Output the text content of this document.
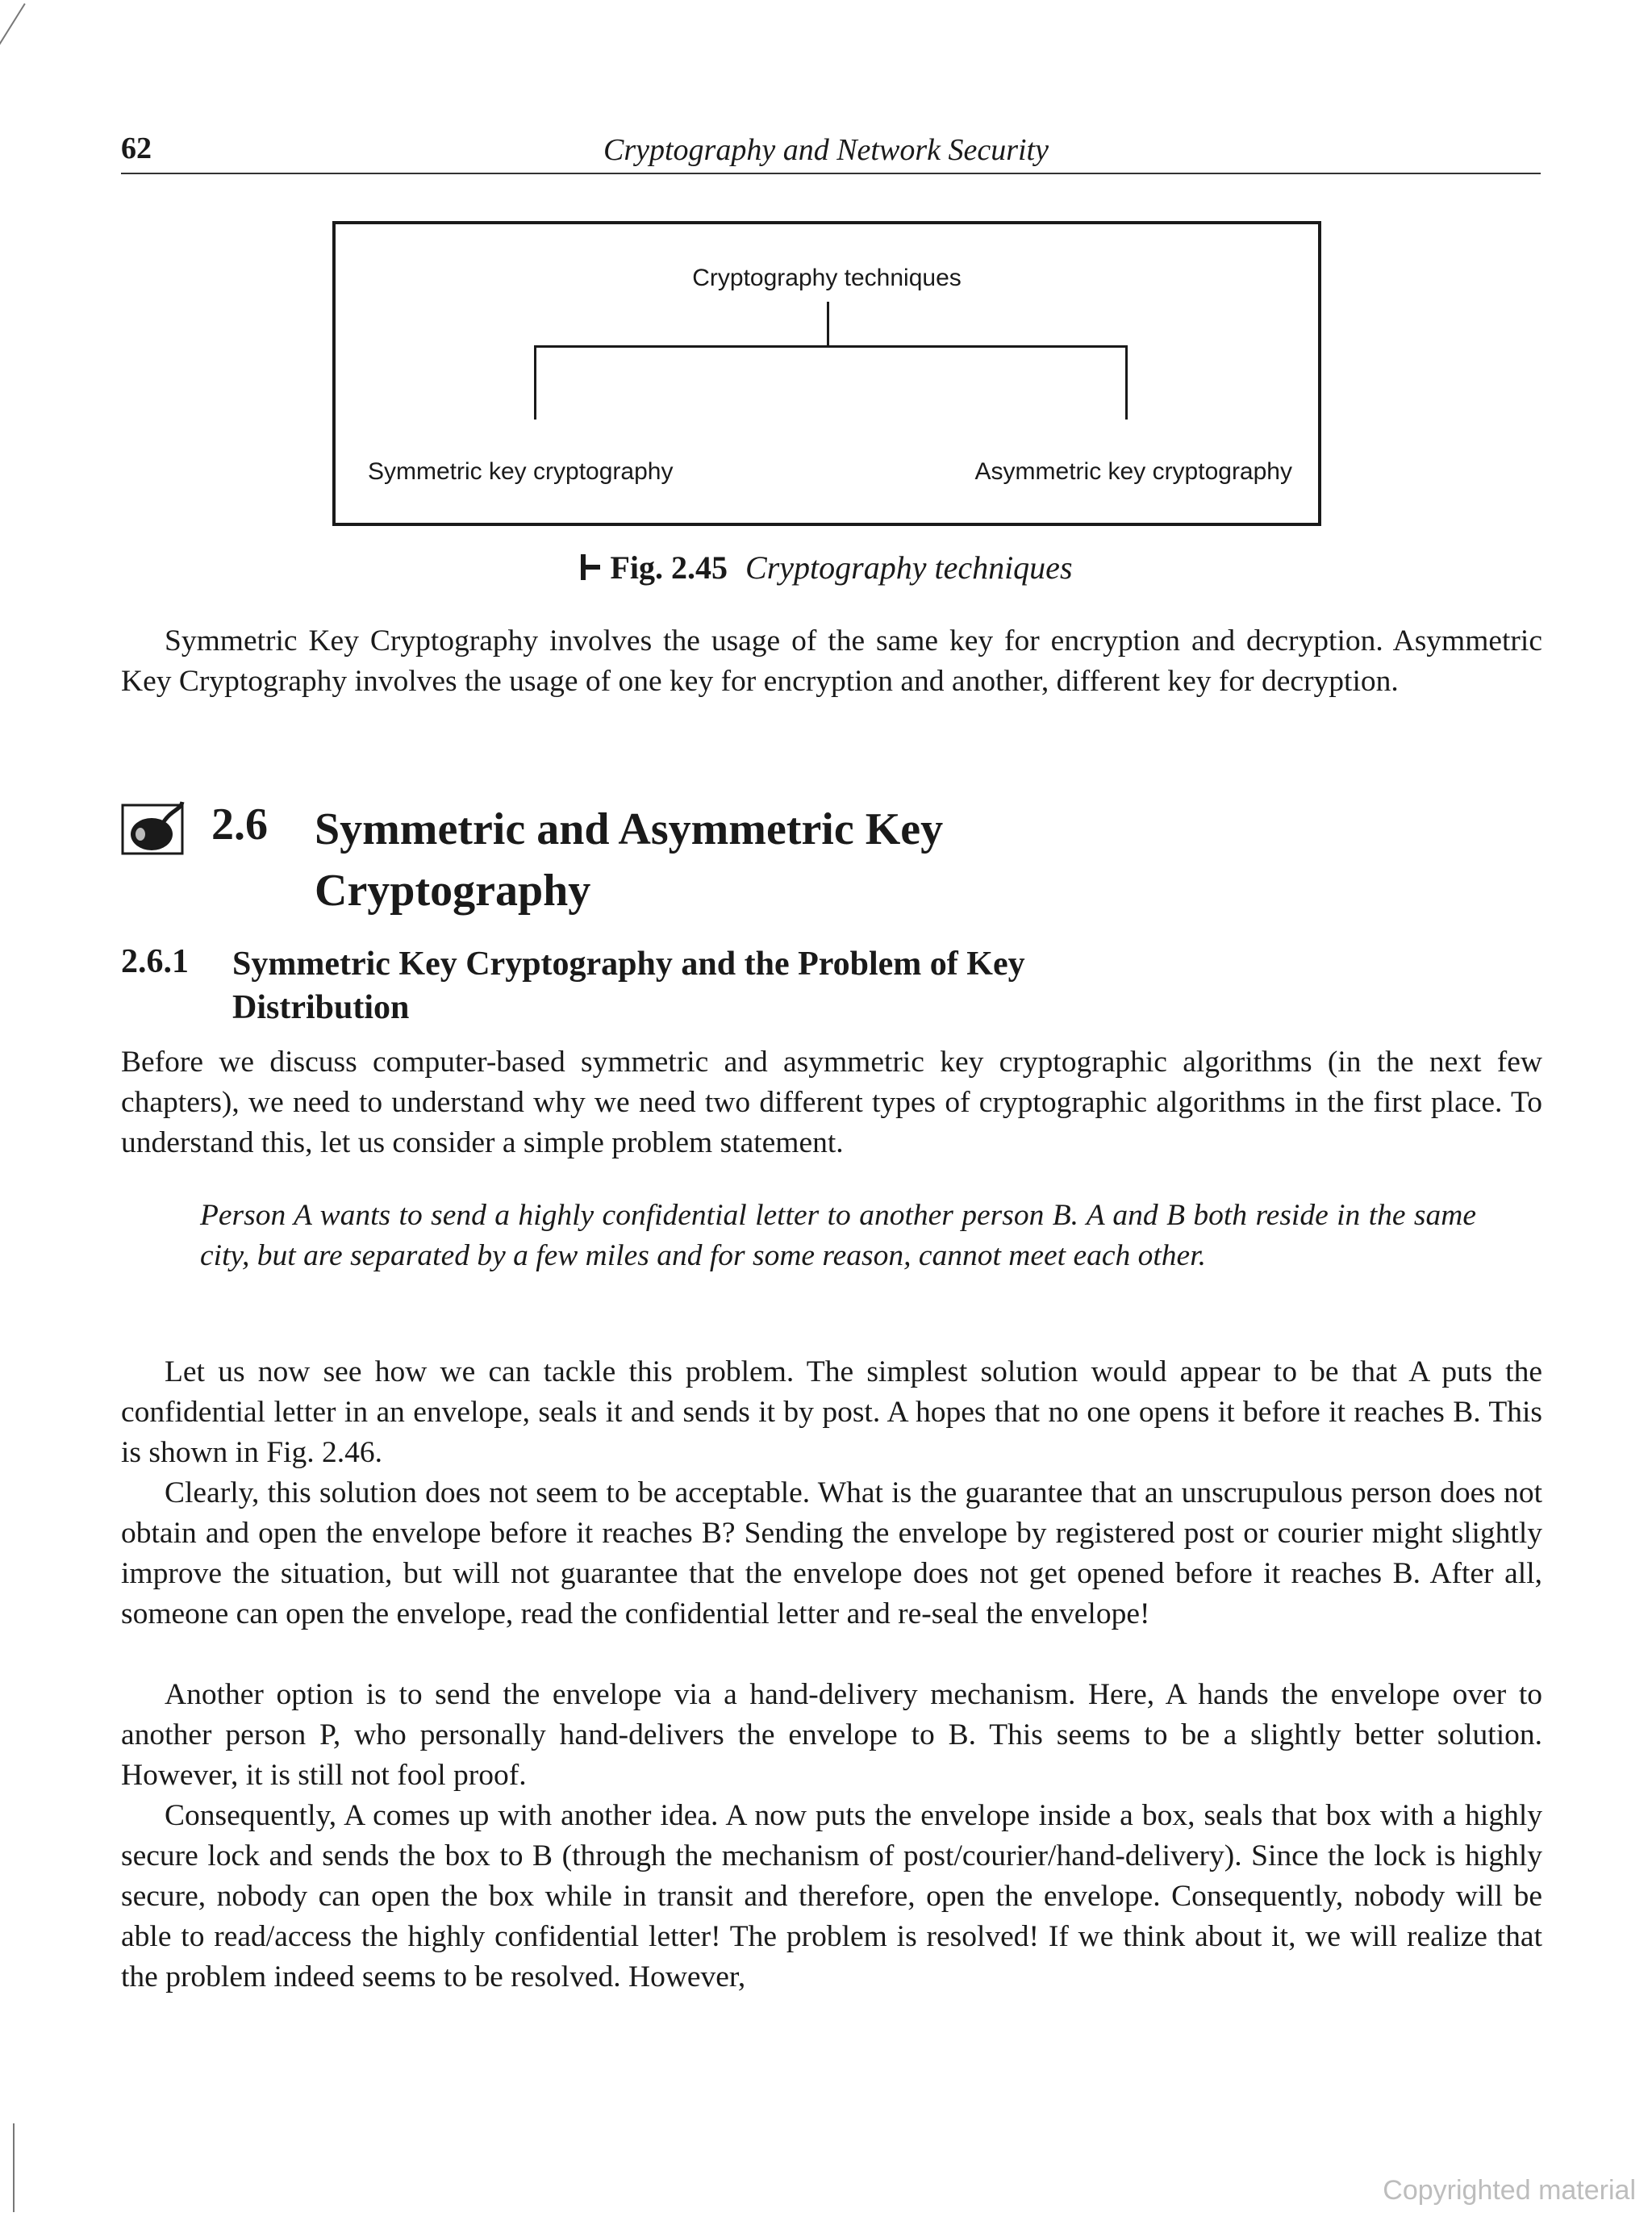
62	Cryptography and Network Security
Cryptography techniques
Symmetric key cryptography	Asymmetric key cryptography
Fig. 2.45 Cryptography techniques

Symmetric Key Cryptography involves the usage of the same key for encryption and decryption. Asymmetric Key Cryptography involves the usage of one key for encryption and another, different key for decryption.

2.6 Symmetric and Asymmetric Key Cryptography
2.6.1 Symmetric Key Cryptography and the Problem of Key Distribution

Before we discuss computer-based symmetric and asymmetric key cryptographic algorithms (in the next few chapters), we need to understand why we need two different types of cryptographic algorithms in the first place. To understand this, let us consider a simple problem statement.

Person A wants to send a highly confidential letter to another person B. A and B both reside in the same city, but are separated by a few miles and for some reason, cannot meet each other.

Let us now see how we can tackle this problem. The simplest solution would appear to be that A puts the confidential letter in an envelope, seals it and sends it by post. A hopes that no one opens it before it reaches B. This is shown in Fig. 2.46.

Clearly, this solution does not seem to be acceptable. What is the guarantee that an unscrupulous person does not obtain and open the envelope before it reaches B? Sending the envelope by registered post or courier might slightly improve the situation, but will not guarantee that the envelope does not get opened before it reaches B. After all, someone can open the envelope, read the confidential letter and re-seal the envelope!

Another option is to send the envelope via a hand-delivery mechanism. Here, A hands the envelope over to another person P, who personally hand-delivers the envelope to B. This seems to be a slightly better solution. However, it is still not fool proof.

Consequently, A comes up with another idea. A now puts the envelope inside a box, seals that box with a highly secure lock and sends the box to B (through the mechanism of post/courier/hand-delivery). Since the lock is highly secure, nobody can open the box while in transit and therefore, open the envelope. Consequently, nobody will be able to read/access the highly confidential letter! The problem is resolved! If we think about it, we will realize that the problem indeed seems to be resolved. However,

Copyrighted material
